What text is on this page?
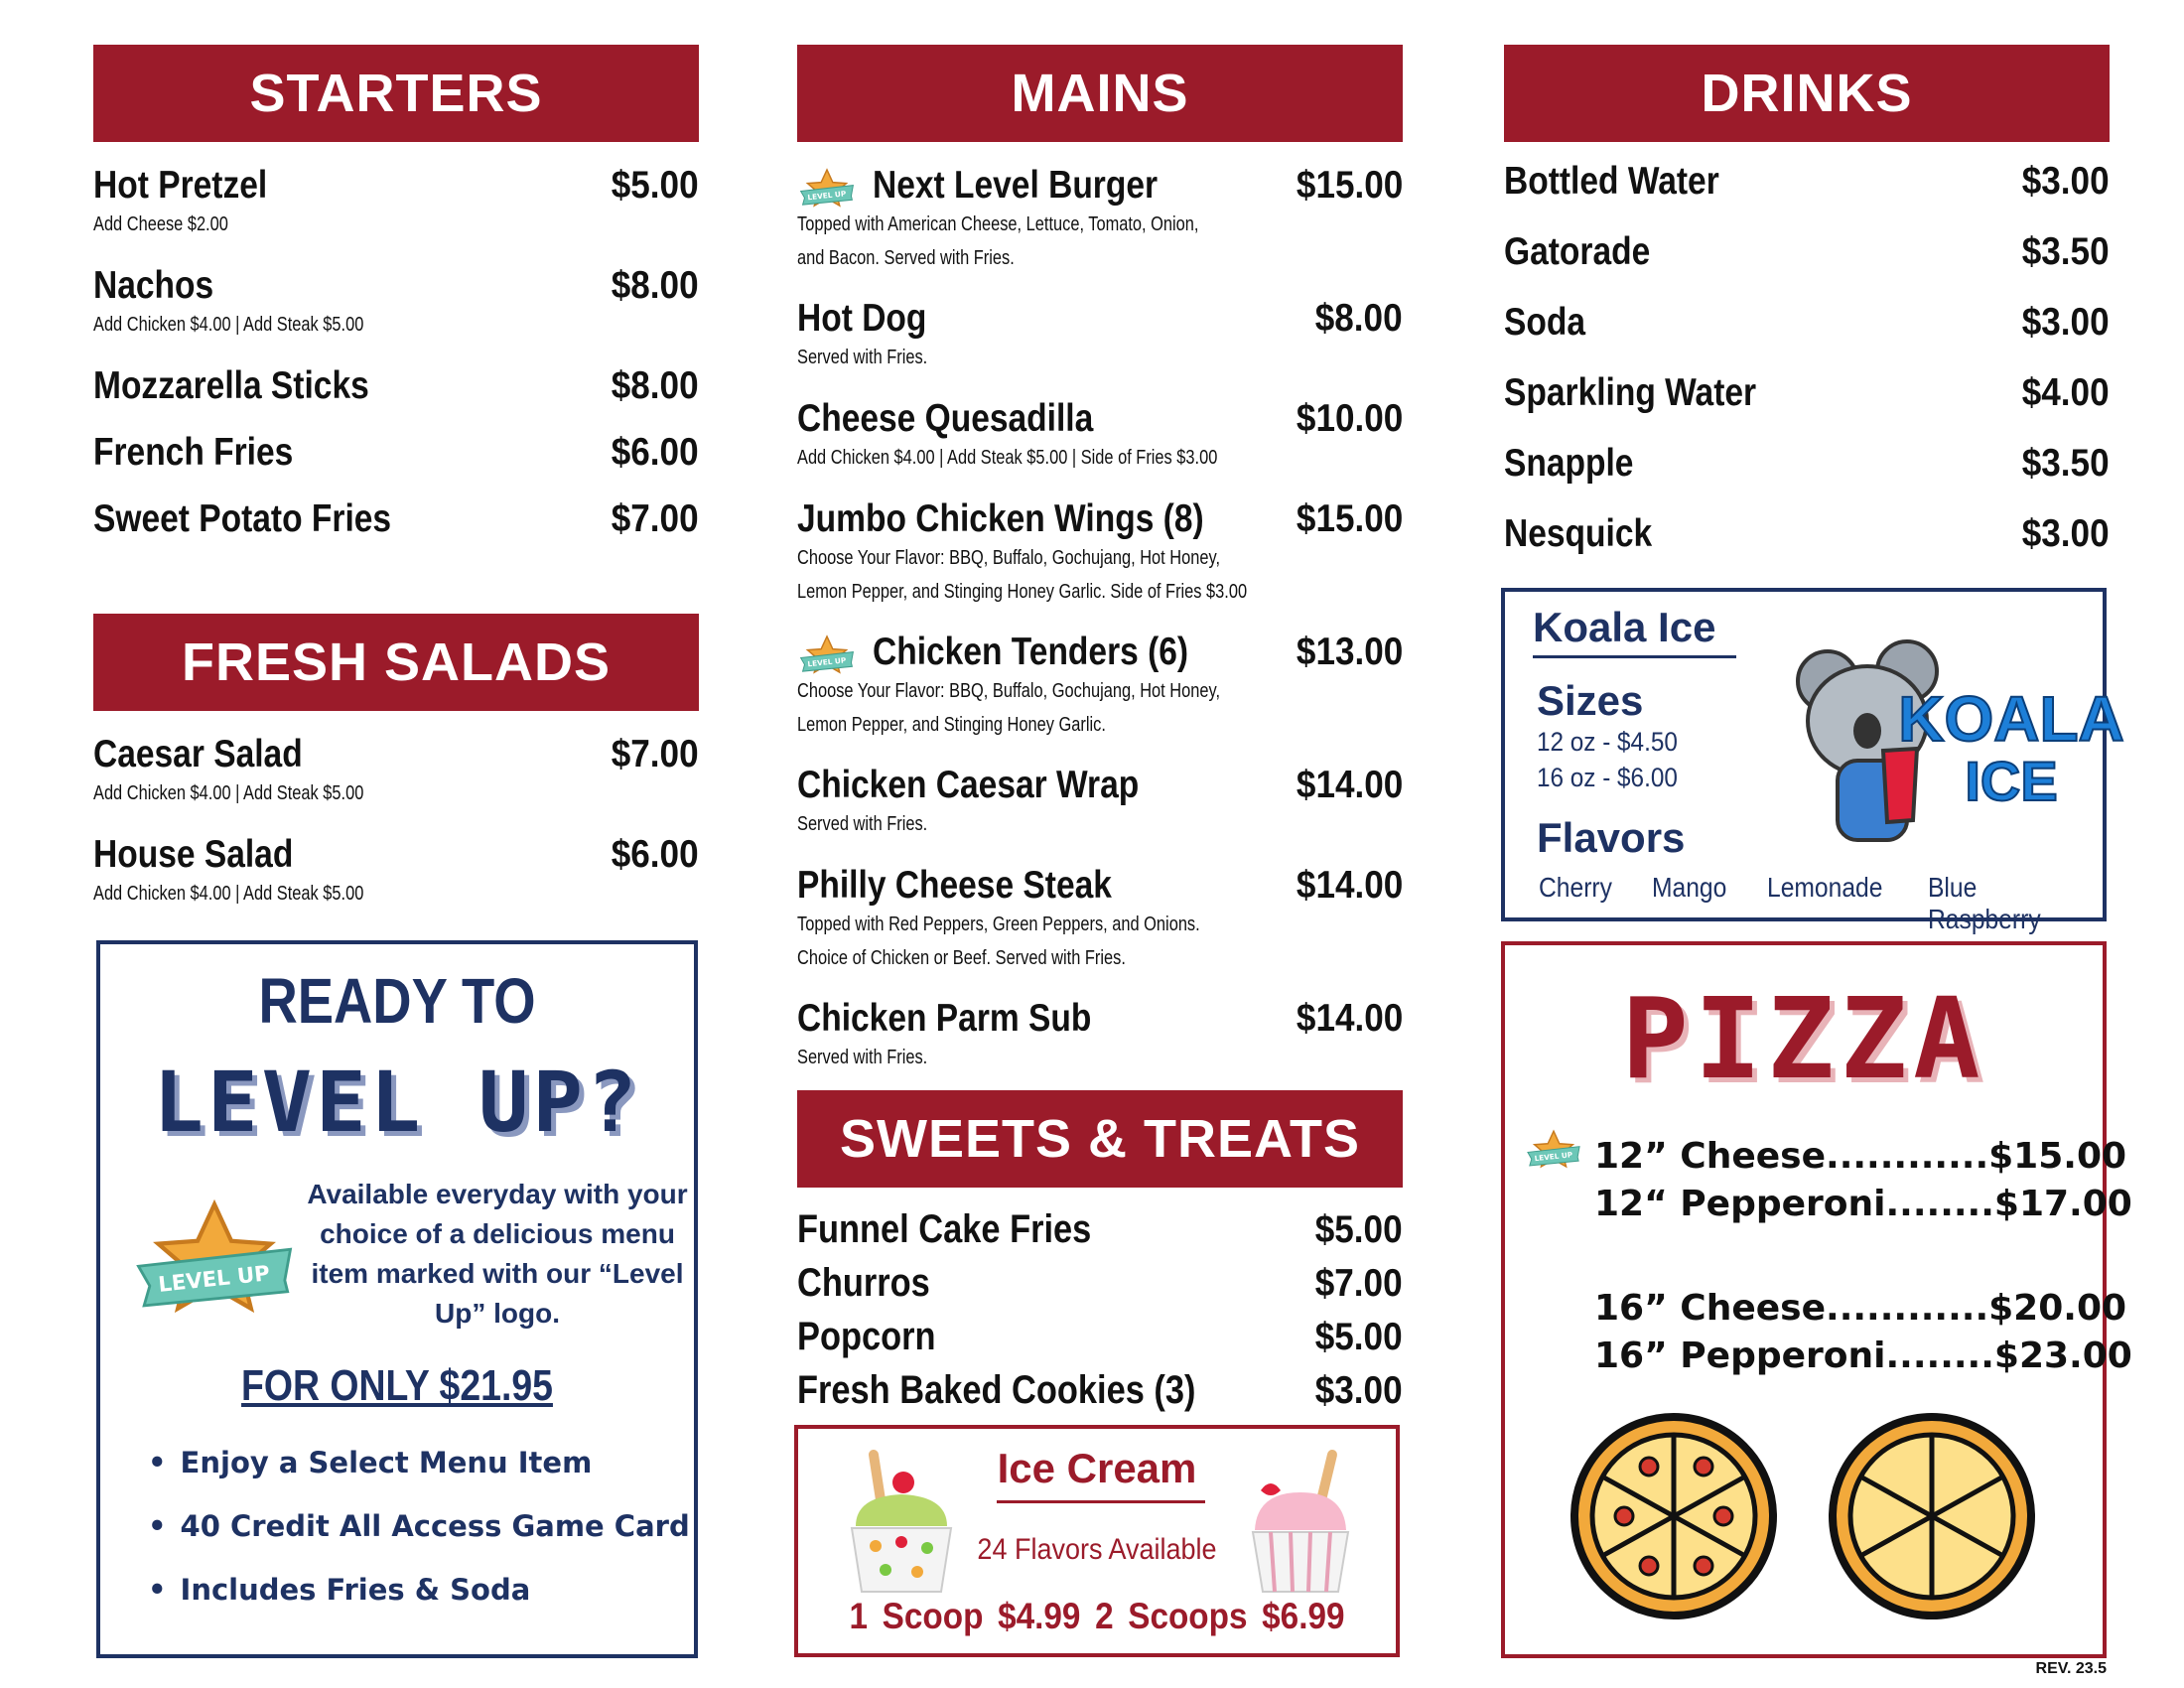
STARTERS
Hot Pretzel	$5.00
Add Cheese $2.00
Nachos	$8.00
Add Chicken $4.00 | Add Steak $5.00
Mozzarella Sticks	$8.00
French Fries	$6.00
Sweet Potato Fries	$7.00
FRESH SALADS
Caesar Salad	$7.00
Add Chicken $4.00 | Add Steak $5.00
House Salad	$6.00
Add Chicken $4.00 | Add Steak $5.00
READY TO
LEVEL UP?
LEVEL UP
Available everyday with your choice of a delicious menu item marked with our “Level Up” logo.
FOR ONLY $21.95
• Enjoy a Select Menu Item
• 40 Credit All Access Game Card
• Includes Fries & Soda
MAINS
Next Level Burger	$15.00
Topped with American Cheese, Lettuce, Tomato, Onion,
and Bacon. Served with Fries.
Hot Dog	$8.00
Served with Fries.
Cheese Quesadilla	$10.00
Add Chicken $4.00 | Add Steak $5.00 | Side of Fries $3.00
Jumbo Chicken Wings (8) $15.00
Choose Your Flavor: BBQ, Buffalo, Gochujang, Hot Honey,
Lemon Pepper, and Stinging Honey Garlic. Side of Fries $3.00
Chicken Tenders (6)	$13.00
Choose Your Flavor: BBQ, Buffalo, Gochujang, Hot Honey,
Lemon Pepper, and Stinging Honey Garlic.
Chicken Caesar Wrap	$14.00
Served with Fries.
Philly Cheese Steak	$14.00
Topped with Red Peppers, Green Peppers, and Onions.
Choice of Chicken or Beef. Served with Fries.
Chicken Parm Sub	$14.00
Served with Fries.
SWEETS & TREATS
Funnel Cake Fries	$5.00
Churros	$7.00
Popcorn	$5.00
Fresh Baked Cookies (3)	$3.00
Ice Cream
24 Flavors Available
1 Scoop $4.99 2 Scoops $6.99
DRINKS
Bottled Water	$3.00
Gatorade	$3.50
Soda	$3.00
Sparkling Water	$4.00
Snapple	$3.50
Nesquick	$3.00
Koala Ice
Sizes
12 oz - $4.50
16 oz - $6.00
Flavors
Cherry Mango Lemonade Blue Raspberry
KOALA
ICE
PIZZA
12” Cheese............$15.00
12“ Pepperoni........$17.00
16” Cheese............$20.00
16” Pepperoni........$23.00
REV. 23.5
